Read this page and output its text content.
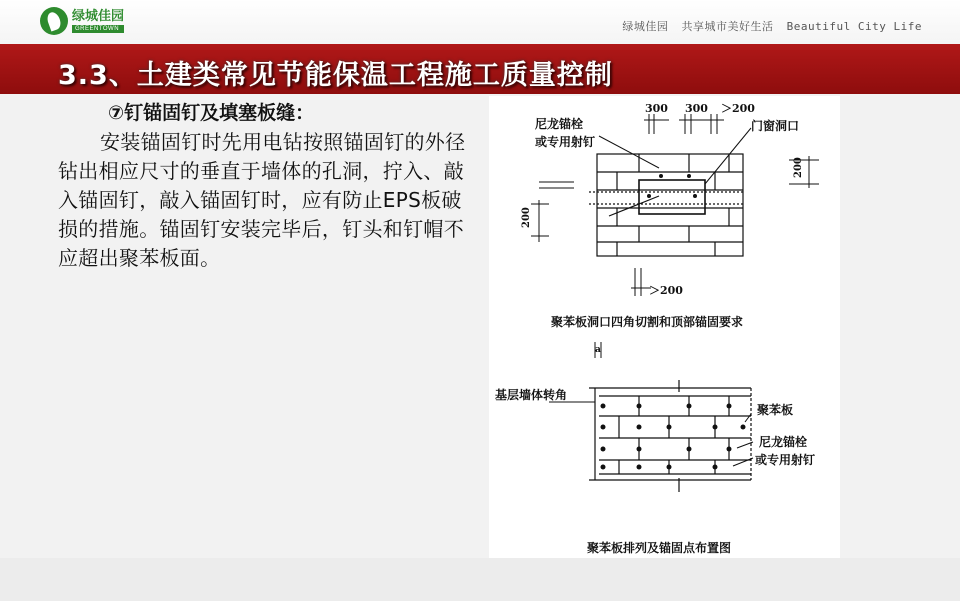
绿城佳园
GREENTOWN	绿城佳园 共享城市美好生活 Beautiful City Life
3.3、土建类常见节能保温工程施工质量控制
⑦钉锚固钉及填塞板缝：

安装锚固钉时先用电钻按照锚固钉的外径钻出相应尺寸的垂直于墙体的孔洞，拧入、敲入锚固钉，敲入锚固钉时，应有防止EPS板破损的措施。锚固钉安装完毕后，钉头和钉帽不应超出聚苯板面。

300 300 ＞200
尼龙锚栓
或专用射钉
门窗洞口
200
200
＞200
聚苯板洞口四角切割和顶部锚固要求
a
基层墙体转角
聚苯板
尼龙锚栓
或专用射钉
聚苯板排列及锚固点布置图
